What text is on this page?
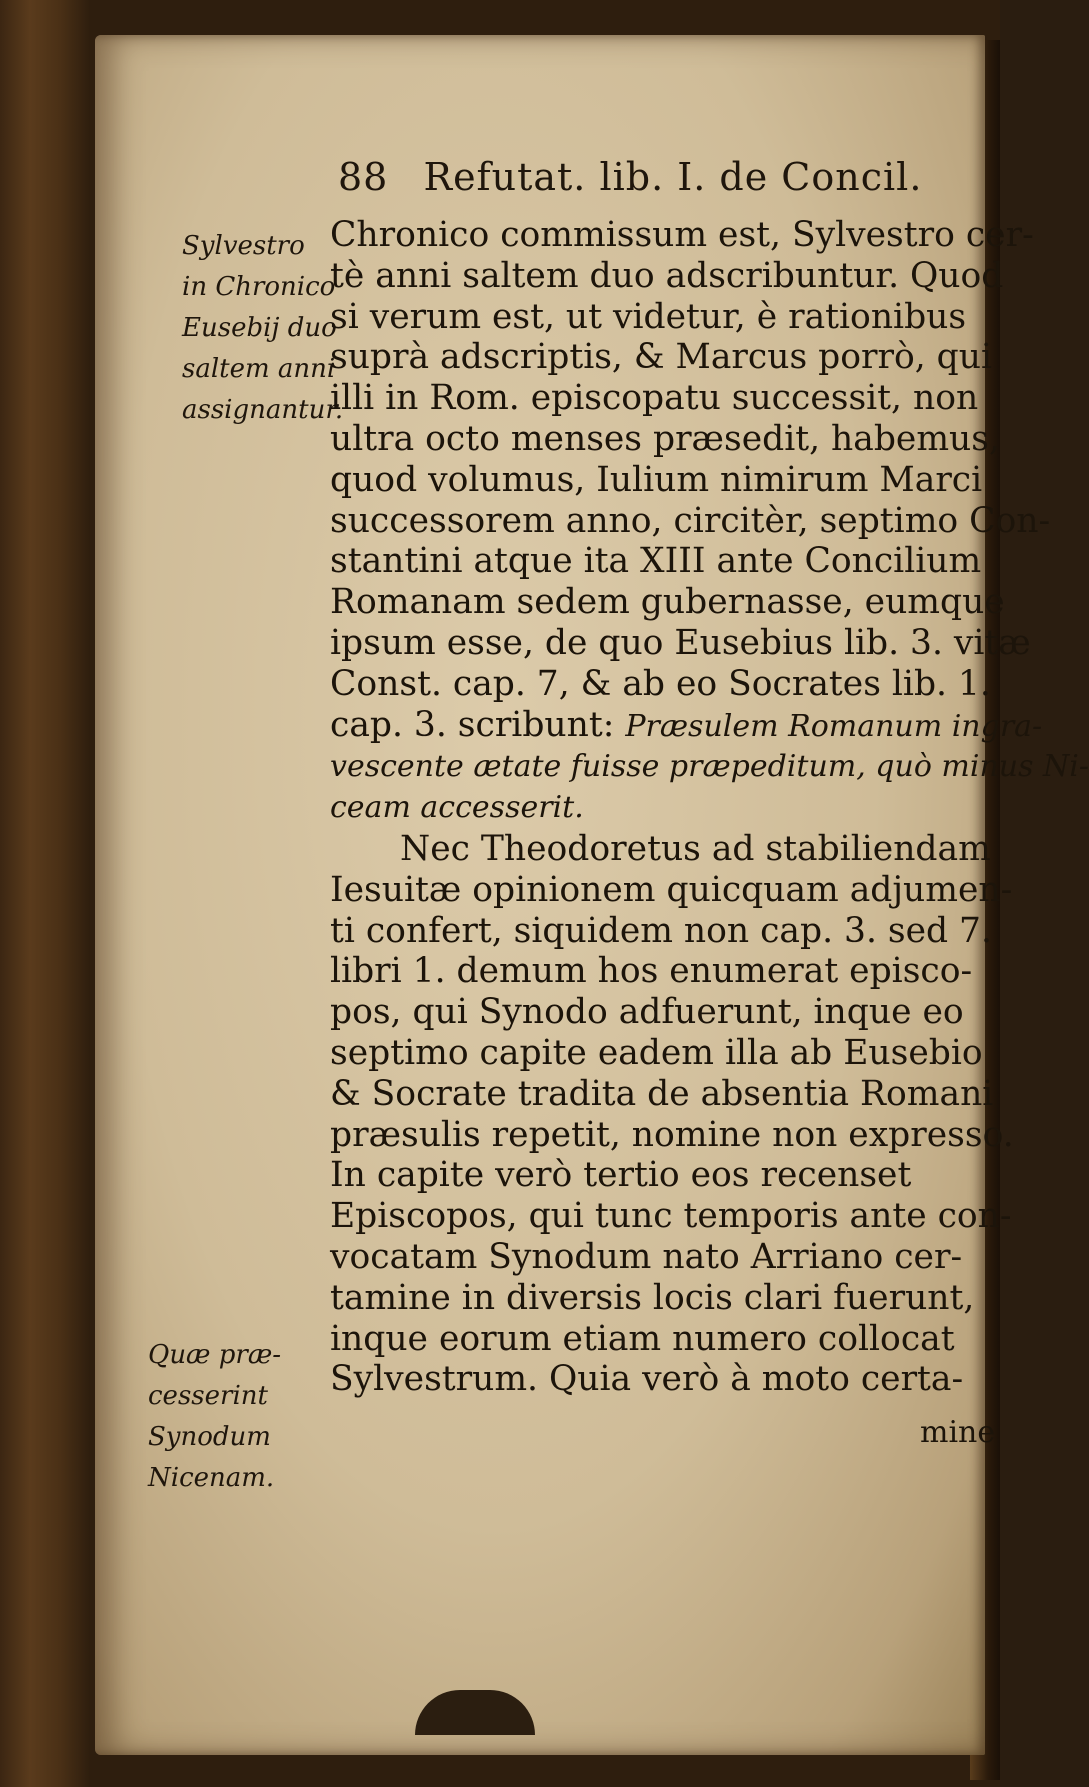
88 Refutat. lib. I. de Concil.
Sylvestro
in Chronico
Eusebij duo
saltem anni
assignantur.
Quæ præ-
cesserint
Synodum
Nicenam.
Chronico commissum est, Sylvestro cer-
tè anni saltem duo adscribuntur. Quod
si verum est, ut videtur, è rationibus
suprà adscriptis, & Marcus porrò, qui
illi in Rom. episcopatu successit, non
ultra octo menses præsedit, habemus,
quod volumus, Iulium nimirum Marci
successorem anno, circitèr, septimo Con-
stantini atque ita XIII ante Concilium
Romanam sedem gubernasse, eumque
ipsum esse, de quo Eusebius lib. 3. vitæ
Const. cap. 7, & ab eo Socrates lib. 1.
cap. 3. scribunt: Præsulem Romanum ingra-
vescente ætate fuisse præpeditum, quò minus Ni-
ceam accesserit.
Nec Theodoretus ad stabiliendam
Iesuitæ opinionem quicquam adjumen-
ti confert, siquidem non cap. 3. sed 7.
libri 1. demum hos enumerat episco-
pos, qui Synodo adfuerunt, inque eo
septimo capite eadem illa ab Eusebio
& Socrate tradita de absentia Romani
præsulis repetit, nomine non expresso.
In capite verò tertio eos recenset
Episcopos, qui tunc temporis ante con-
vocatam Synodum nato Arriano cer-
tamine in diversis locis clari fuerunt,
inque eorum etiam numero collocat
Sylvestrum. Quia verò à moto certa-
mine
